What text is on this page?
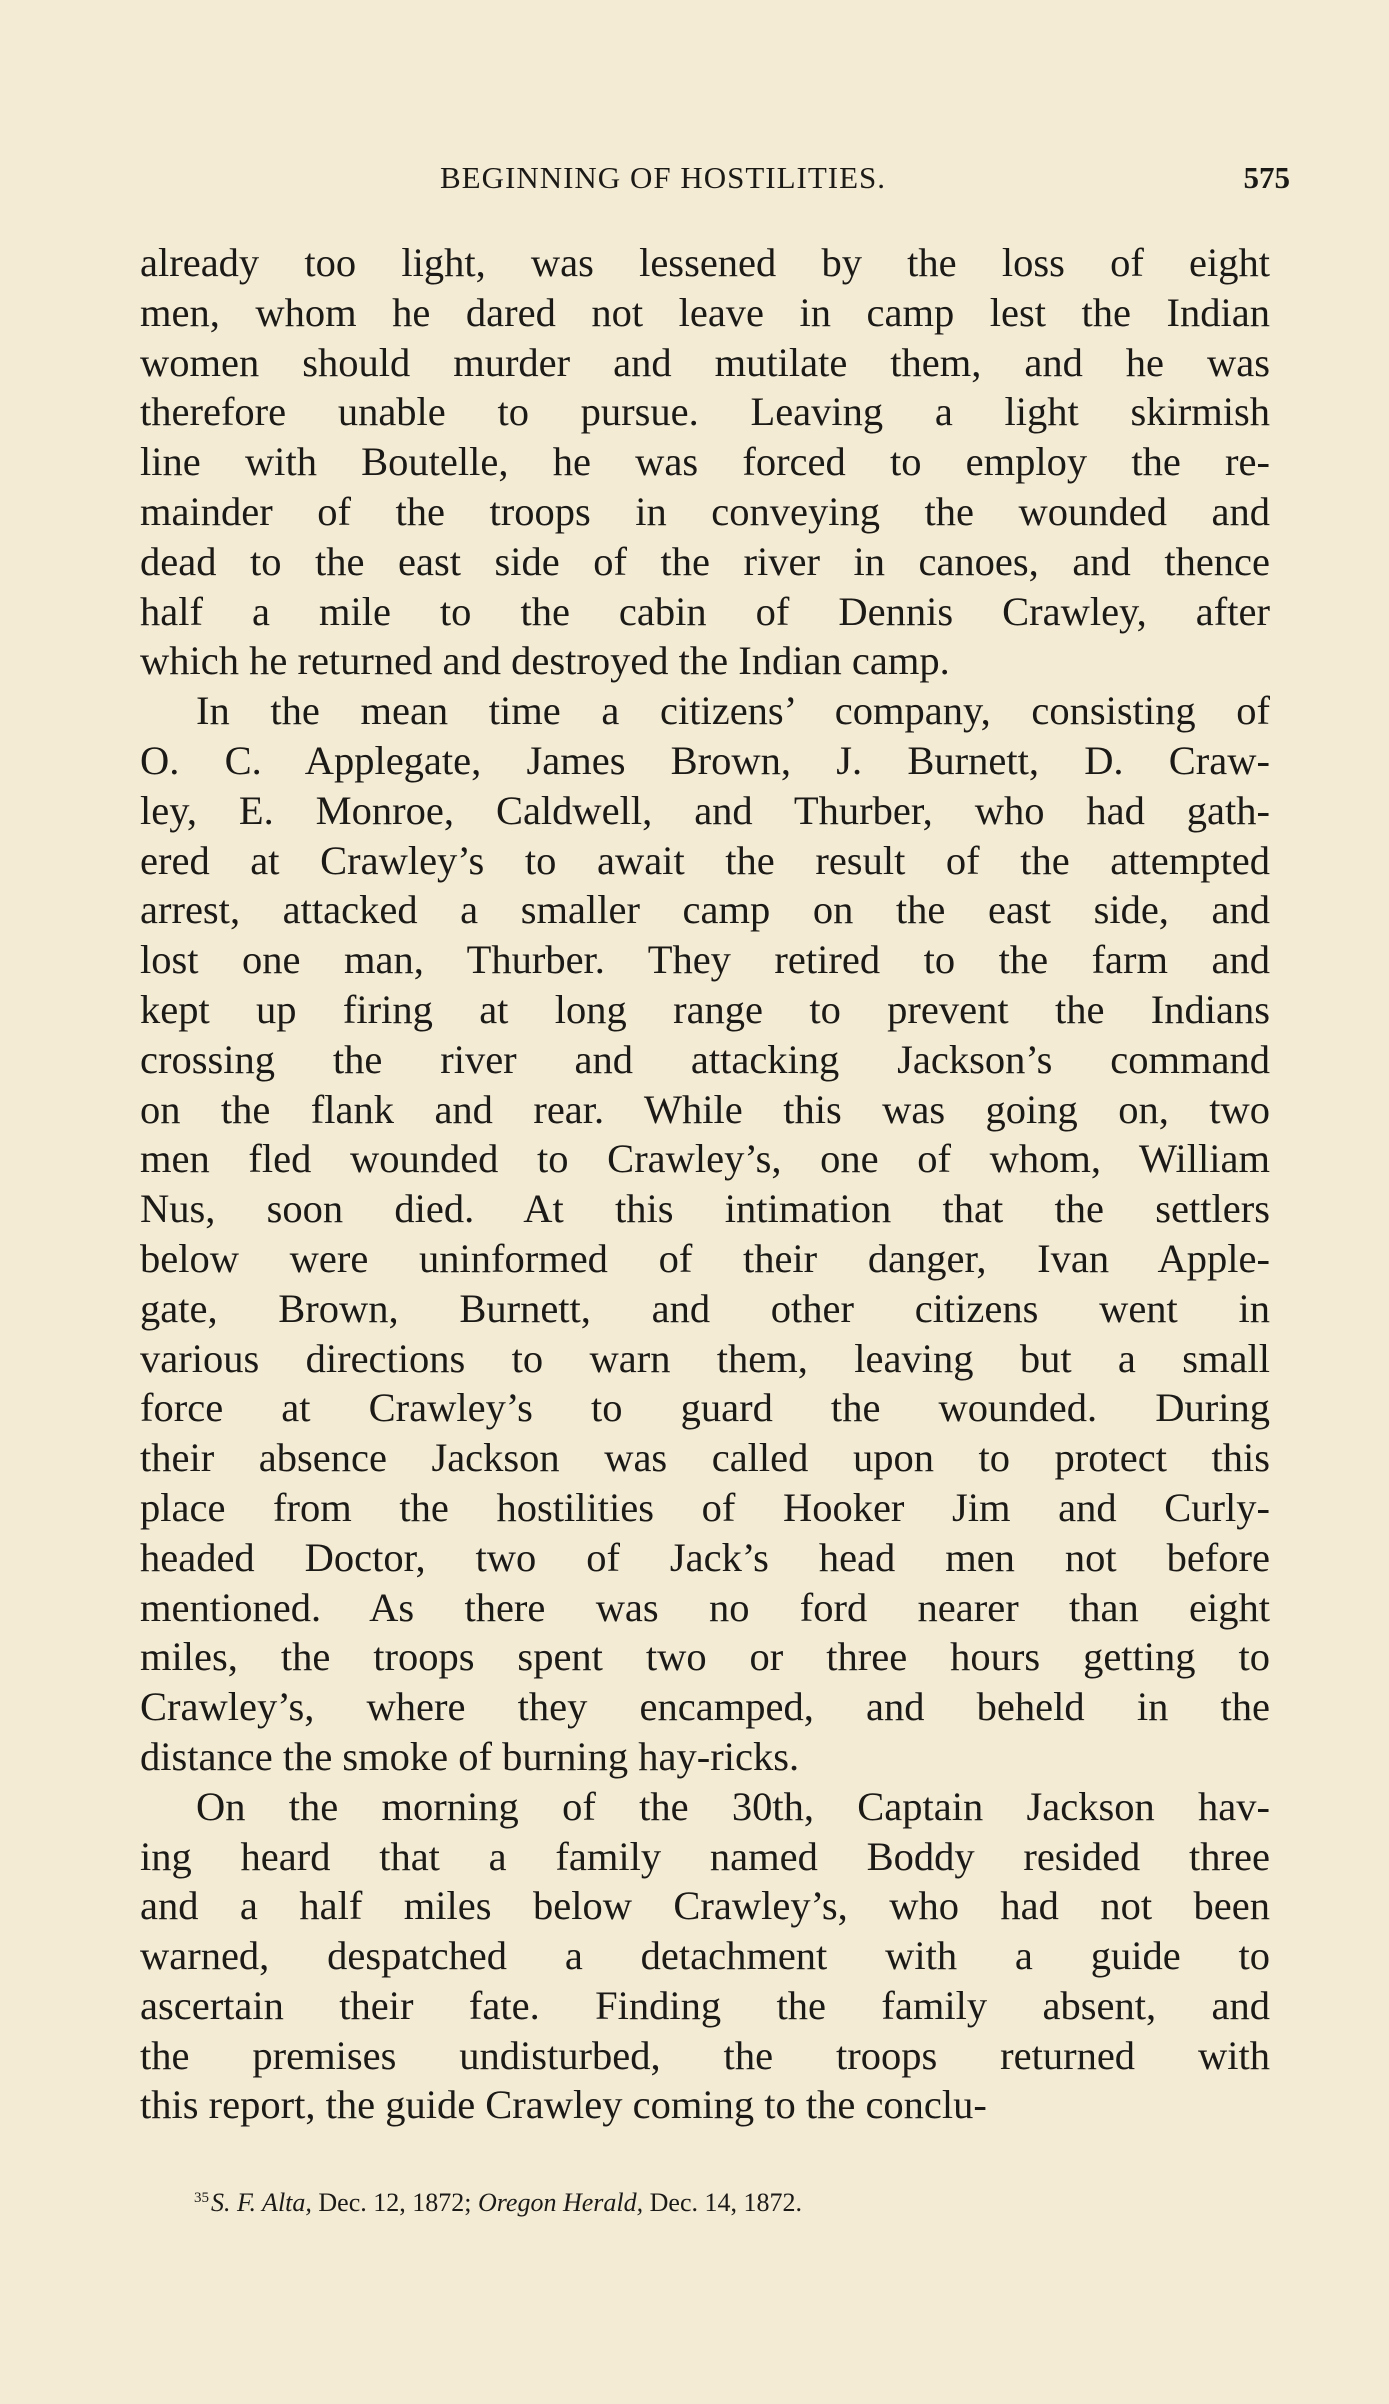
BEGINNING OF HOSTILITIES.	575
already too light, was lessened by the loss of eight
men, whom he dared not leave in camp lest the Indian
women should murder and mutilate them, and he was
therefore unable to pursue. Leaving a light skirmish
line with Boutelle, he was forced to employ the re-
mainder of the troops in conveying the wounded and
dead to the east side of the river in canoes, and thence
half a mile to the cabin of Dennis Crawley, after
which he returned and destroyed the Indian camp.
In the mean time a citizens’ company, consisting of
O. C. Applegate, James Brown, J. Burnett, D. Craw-
ley, E. Monroe, Caldwell, and Thurber, who had gath-
ered at Crawley’s to await the result of the attempted
arrest, attacked a smaller camp on the east side, and
lost one man, Thurber. They retired to the farm and
kept up firing at long range to prevent the Indians
crossing the river and attacking Jackson’s command
on the flank and rear. While this was going on, two
men fled wounded to Crawley’s, one of whom, William
Nus, soon died. At this intimation that the settlers
below were uninformed of their danger, Ivan Apple-
gate, Brown, Burnett, and other citizens went in
various directions to warn them, leaving but a small
force at Crawley’s to guard the wounded. During
their absence Jackson was called upon to protect this
place from the hostilities of Hooker Jim and Curly-
headed Doctor, two of Jack’s head men not before
mentioned. As there was no ford nearer than eight
miles, the troops spent two or three hours getting to
Crawley’s, where they encamped, and beheld in the
distance the smoke of burning hay-ricks.
On the morning of the 30th, Captain Jackson hav-
ing heard that a family named Boddy resided three
and a half miles below Crawley’s, who had not been
warned, despatched a detachment with a guide to
ascertain their fate. Finding the family absent, and
the premises undisturbed, the troops returned with
this report, the guide Crawley coming to the conclu-
$^{35}$S. F. Alta, Dec. 12, 1872; Oregon Herald, Dec. 14, 1872.
